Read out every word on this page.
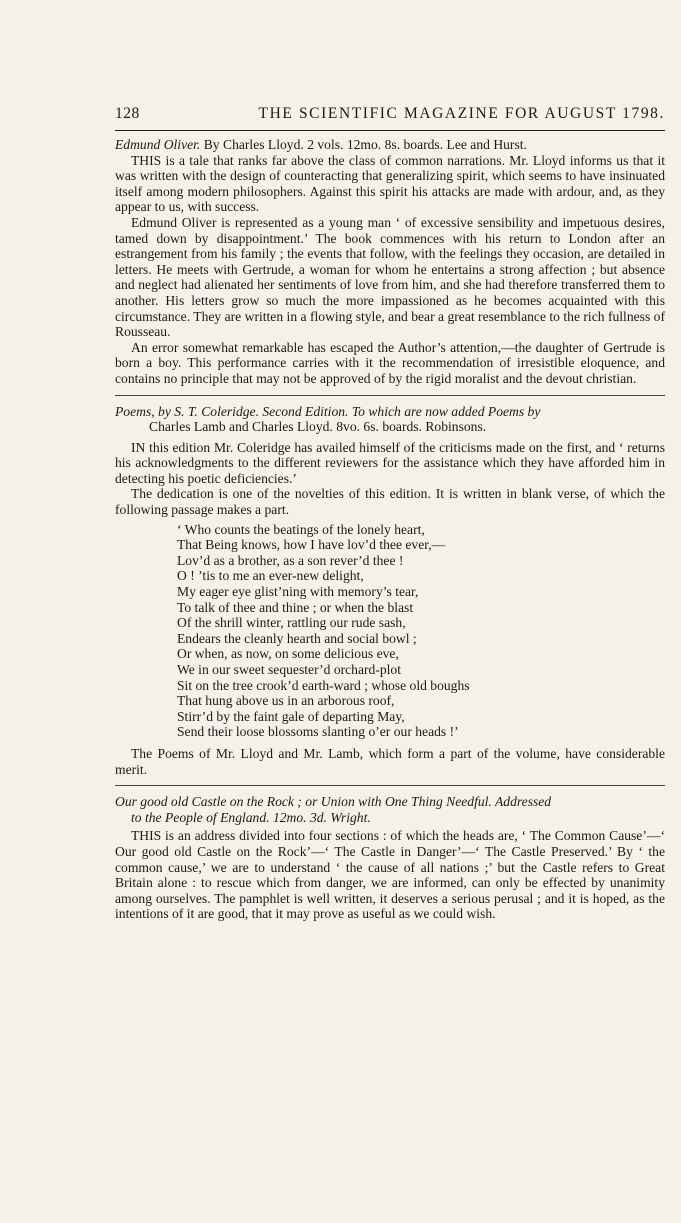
128	THE SCIENTIFIC MAGAZINE FOR AUGUST 1798.

Edmund Oliver. By Charles Lloyd. 2 vols. 12mo. 8s. boards. Lee and Hurst.

THIS is a tale that ranks far above the class of common narrations. Mr. Lloyd informs us that it was written with the design of counteracting that generalizing spirit, which seems to have insinuated itself among modern philosophers. Against this spirit his attacks are made with ardour, and, as they appear to us, with success.

Edmund Oliver is represented as a young man ‘ of excessive sensibility and impetuous desires, tamed down by disappointment.’ The book commences with his return to London after an estrangement from his family ; the events that follow, with the feelings they occasion, are detailed in letters. He meets with Gertrude, a woman for whom he entertains a strong affection ; but absence and neglect had alienated her sentiments of love from him, and she had therefore transferred them to another. His letters grow so much the more impassioned as he becomes acquainted with this circumstance. They are written in a flowing style, and bear a great resemblance to the rich fullness of Rousseau.

An error somewhat remarkable has escaped the Author’s attention,—the daughter of Gertrude is born a boy. This performance carries with it the recommendation of irresistible eloquence, and contains no principle that may not be approved of by the rigid moralist and the devout christian.

Poems, by S. T. Coleridge. Second Edition. To which are now added Poems by

Charles Lamb and Charles Lloyd. 8vo. 6s. boards. Robinsons.

IN this edition Mr. Coleridge has availed himself of the criticisms made on the first, and ‘ returns his acknowledgments to the different reviewers for the assistance which they have afforded him in detecting his poetic deficiencies.’

The dedication is one of the novelties of this edition. It is written in blank verse, of which the following passage makes a part.

‘ Who counts the beatings of the lonely heart,
That Being knows, how I have lov’d thee ever,—
Lov’d as a brother, as a son rever’d thee !
O ! ’tis to me an ever-new delight,
My eager eye glist’ning with memory’s tear,
To talk of thee and thine ; or when the blast
Of the shrill winter, rattling our rude sash,
Endears the cleanly hearth and social bowl ;
Or when, as now, on some delicious eve,
We in our sweet sequester’d orchard-plot
Sit on the tree crook’d earth-ward ; whose old boughs
That hung above us in an arborous roof,
Stirr’d by the faint gale of departing May,
Send their loose blossoms slanting o’er our heads !’

The Poems of Mr. Lloyd and Mr. Lamb, which form a part of the volume, have considerable merit.

Our good old Castle on the Rock ; or Union with One Thing Needful. Addressed

to the People of England. 12mo. 3d. Wright.

THIS is an address divided into four sections : of which the heads are, ‘ The Common Cause’—‘ Our good old Castle on the Rock’—‘ The Castle in Danger’—‘ The Castle Preserved.’ By ‘ the common cause,’ we are to understand ‘ the cause of all nations ;’ but the Castle refers to Great Britain alone : to rescue which from danger, we are informed, can only be effected by unanimity among ourselves. The pamphlet is well written, it deserves a serious perusal ; and it is hoped, as the intentions of it are good, that it may prove as useful as we could wish.
